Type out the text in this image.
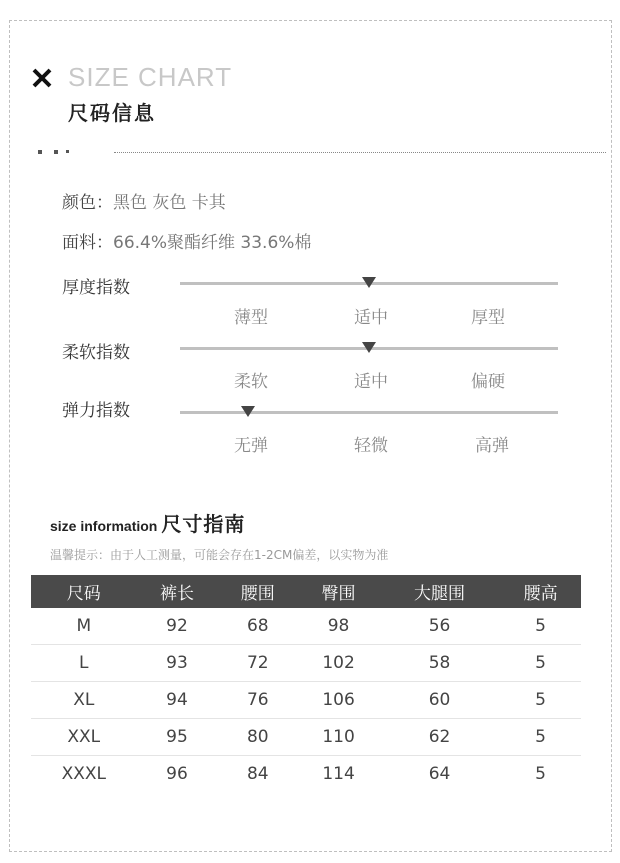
SIZE CHART
尺码信息
颜色：黑色 灰色 卡其
面料：66.4%聚酯纤维 33.6%棉
厚度指数
薄型	适中	厚型
柔软指数
柔软	适中	偏硬
弹力指数
无弹	轻微	高弹
size information 尺寸指南
温馨提示：由于人工测量，可能会存在1-2CM偏差，以实物为准
尺码	裤长	腰围	臀围	大腿围	腰高
M	92	68	98	56	5
L	93	72	102	58	5
XL	94	76	106	60	5
XXL	95	80	110	62	5
XXXL	96	84	114	64	5
